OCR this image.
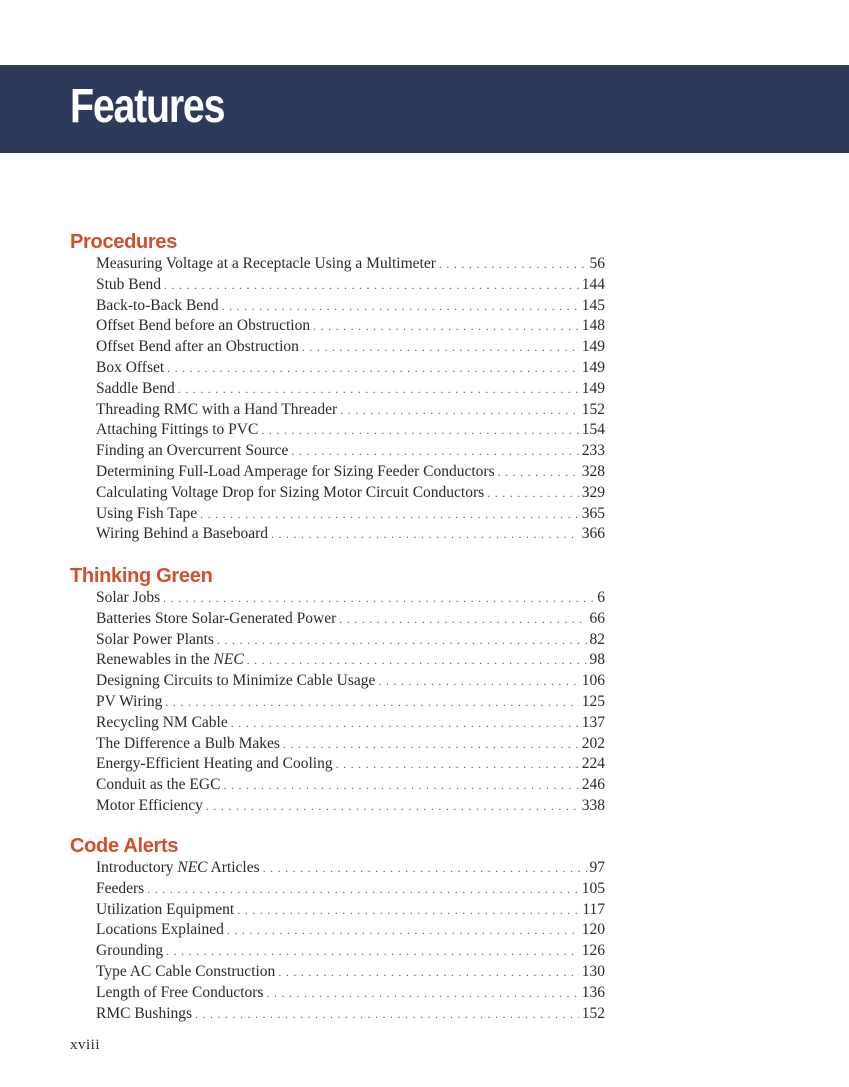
Features
Procedures
Measuring Voltage at a Receptacle Using a Multimeter . . .	56
Stub Bend . . .	144
Back-to-Back Bend . . .	145
Offset Bend before an Obstruction . . .	148
Offset Bend after an Obstruction . . .	149
Box Offset . . .	149
Saddle Bend . . .	149
Threading RMC with a Hand Threader . . .	152
Attaching Fittings to PVC . . .	154
Finding an Overcurrent Source . . .	233
Determining Full-Load Amperage for Sizing Feeder Conductors . . .	328
Calculating Voltage Drop for Sizing Motor Circuit Conductors . . .	329
Using Fish Tape . . .	365
Wiring Behind a Baseboard . . .	366
Thinking Green
Solar Jobs . . .	6
Batteries Store Solar-Generated Power . . .	66
Solar Power Plants . . .	82
Renewables in the NEC . . .	98
Designing Circuits to Minimize Cable Usage . . .	106
PV Wiring . . .	125
Recycling NM Cable . . .	137
The Difference a Bulb Makes . . .	202
Energy-Efficient Heating and Cooling . . .	224
Conduit as the EGC . . .	246
Motor Efficiency . . .	338
Code Alerts
Introductory NEC Articles . . .	97
Feeders . . .	105
Utilization Equipment . . .	117
Locations Explained . . .	120
Grounding . . .	126
Type AC Cable Construction . . .	130
Length of Free Conductors . . .	136
RMC Bushings . . .	152
xviii
